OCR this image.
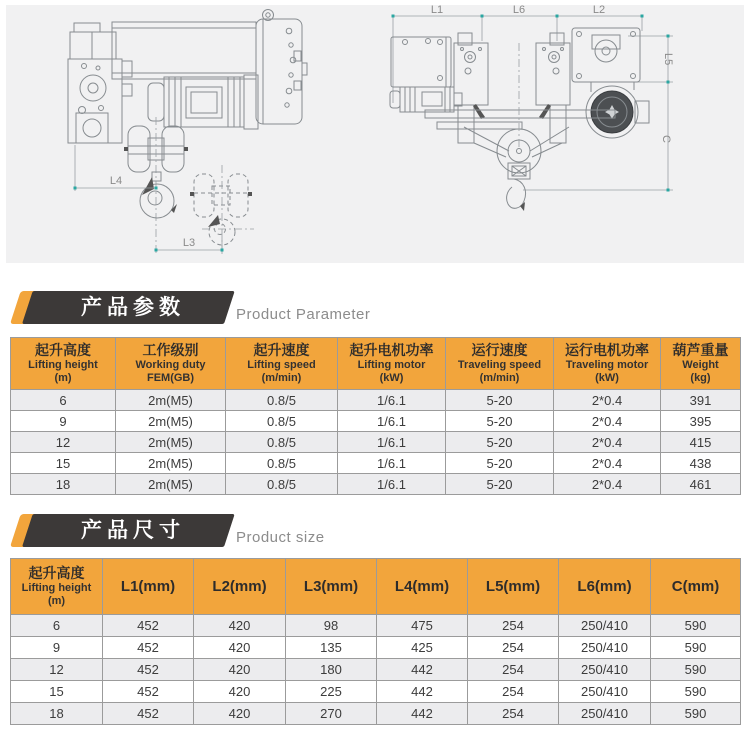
L4
L3
L1	L6	L2
L5
C
产品参数	Product Parameter
起升高度
Lifting height
(m)	工作级别
Working duty
FEM(GB)	起升速度
Lifting speed
(m/min)	起升电机功率
Lifting motor
(kW)	运行速度
Traveling speed
(m/min)	运行电机功率
Traveling motor
(kW)	葫芦重量
Weight
(kg)

6	2m(M5)	0.8/5	1/6.1	5-20	2*0.4	391
9	2m(M5)	0.8/5	1/6.1	5-20	2*0.4	395
12	2m(M5)	0.8/5	1/6.1	5-20	2*0.4	415
15	2m(M5)	0.8/5	1/6.1	5-20	2*0.4	438
18	2m(M5)	0.8/5	1/6.1	5-20	2*0.4	461
产品尺寸	Product size
起升高度
Lifting height
(m)	L1(mm)	L2(mm)	L3(mm)	L4(mm)	L5(mm)	L6(mm)	C(mm)

6	452	420	98	475	254	250/410	590
9	452	420	135	425	254	250/410	590
12	452	420	180	442	254	250/410	590
15	452	420	225	442	254	250/410	590
18	452	420	270	442	254	250/410	590
